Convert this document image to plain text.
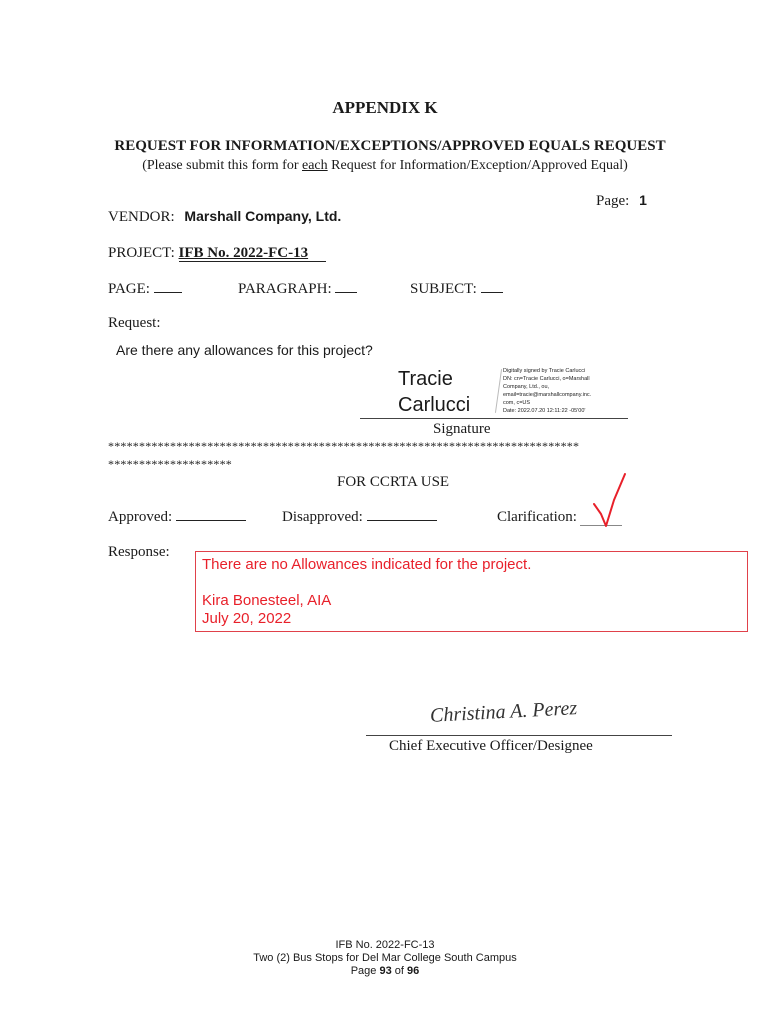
APPENDIX K
REQUEST FOR INFORMATION/EXCEPTIONS/APPROVED EQUALS REQUEST
(Please submit this form for each Request for Information/Exception/Approved Equal)
Page: 1
VENDOR: Marshall Company, Ltd.
PROJECT: IFB No. 2022-FC-13
PAGE:	PARAGRAPH:	SUBJECT:
Request:
Are there any allowances for this project?
Tracie
Carlucci
Digitally signed by Tracie Carlucci
DN: cn=Tracie Carlucci, o=Marshall
Company, Ltd., ou,
email=tracie@marshallcompany.inc.
com, c=US
Date: 2022.07.20 12:11:22 -05'00'
Signature
****************************************************************************
********************
FOR CCRTA USE
Approved:	Disapproved:	Clarification:
Response:
There are no Allowances indicated for the project.
Kira Bonesteel, AIA
July 20, 2022
Christina A. Perez
Chief Executive Officer/Designee
IFB No. 2022-FC-13
Two (2) Bus Stops for Del Mar College South Campus
Page 93 of 96
